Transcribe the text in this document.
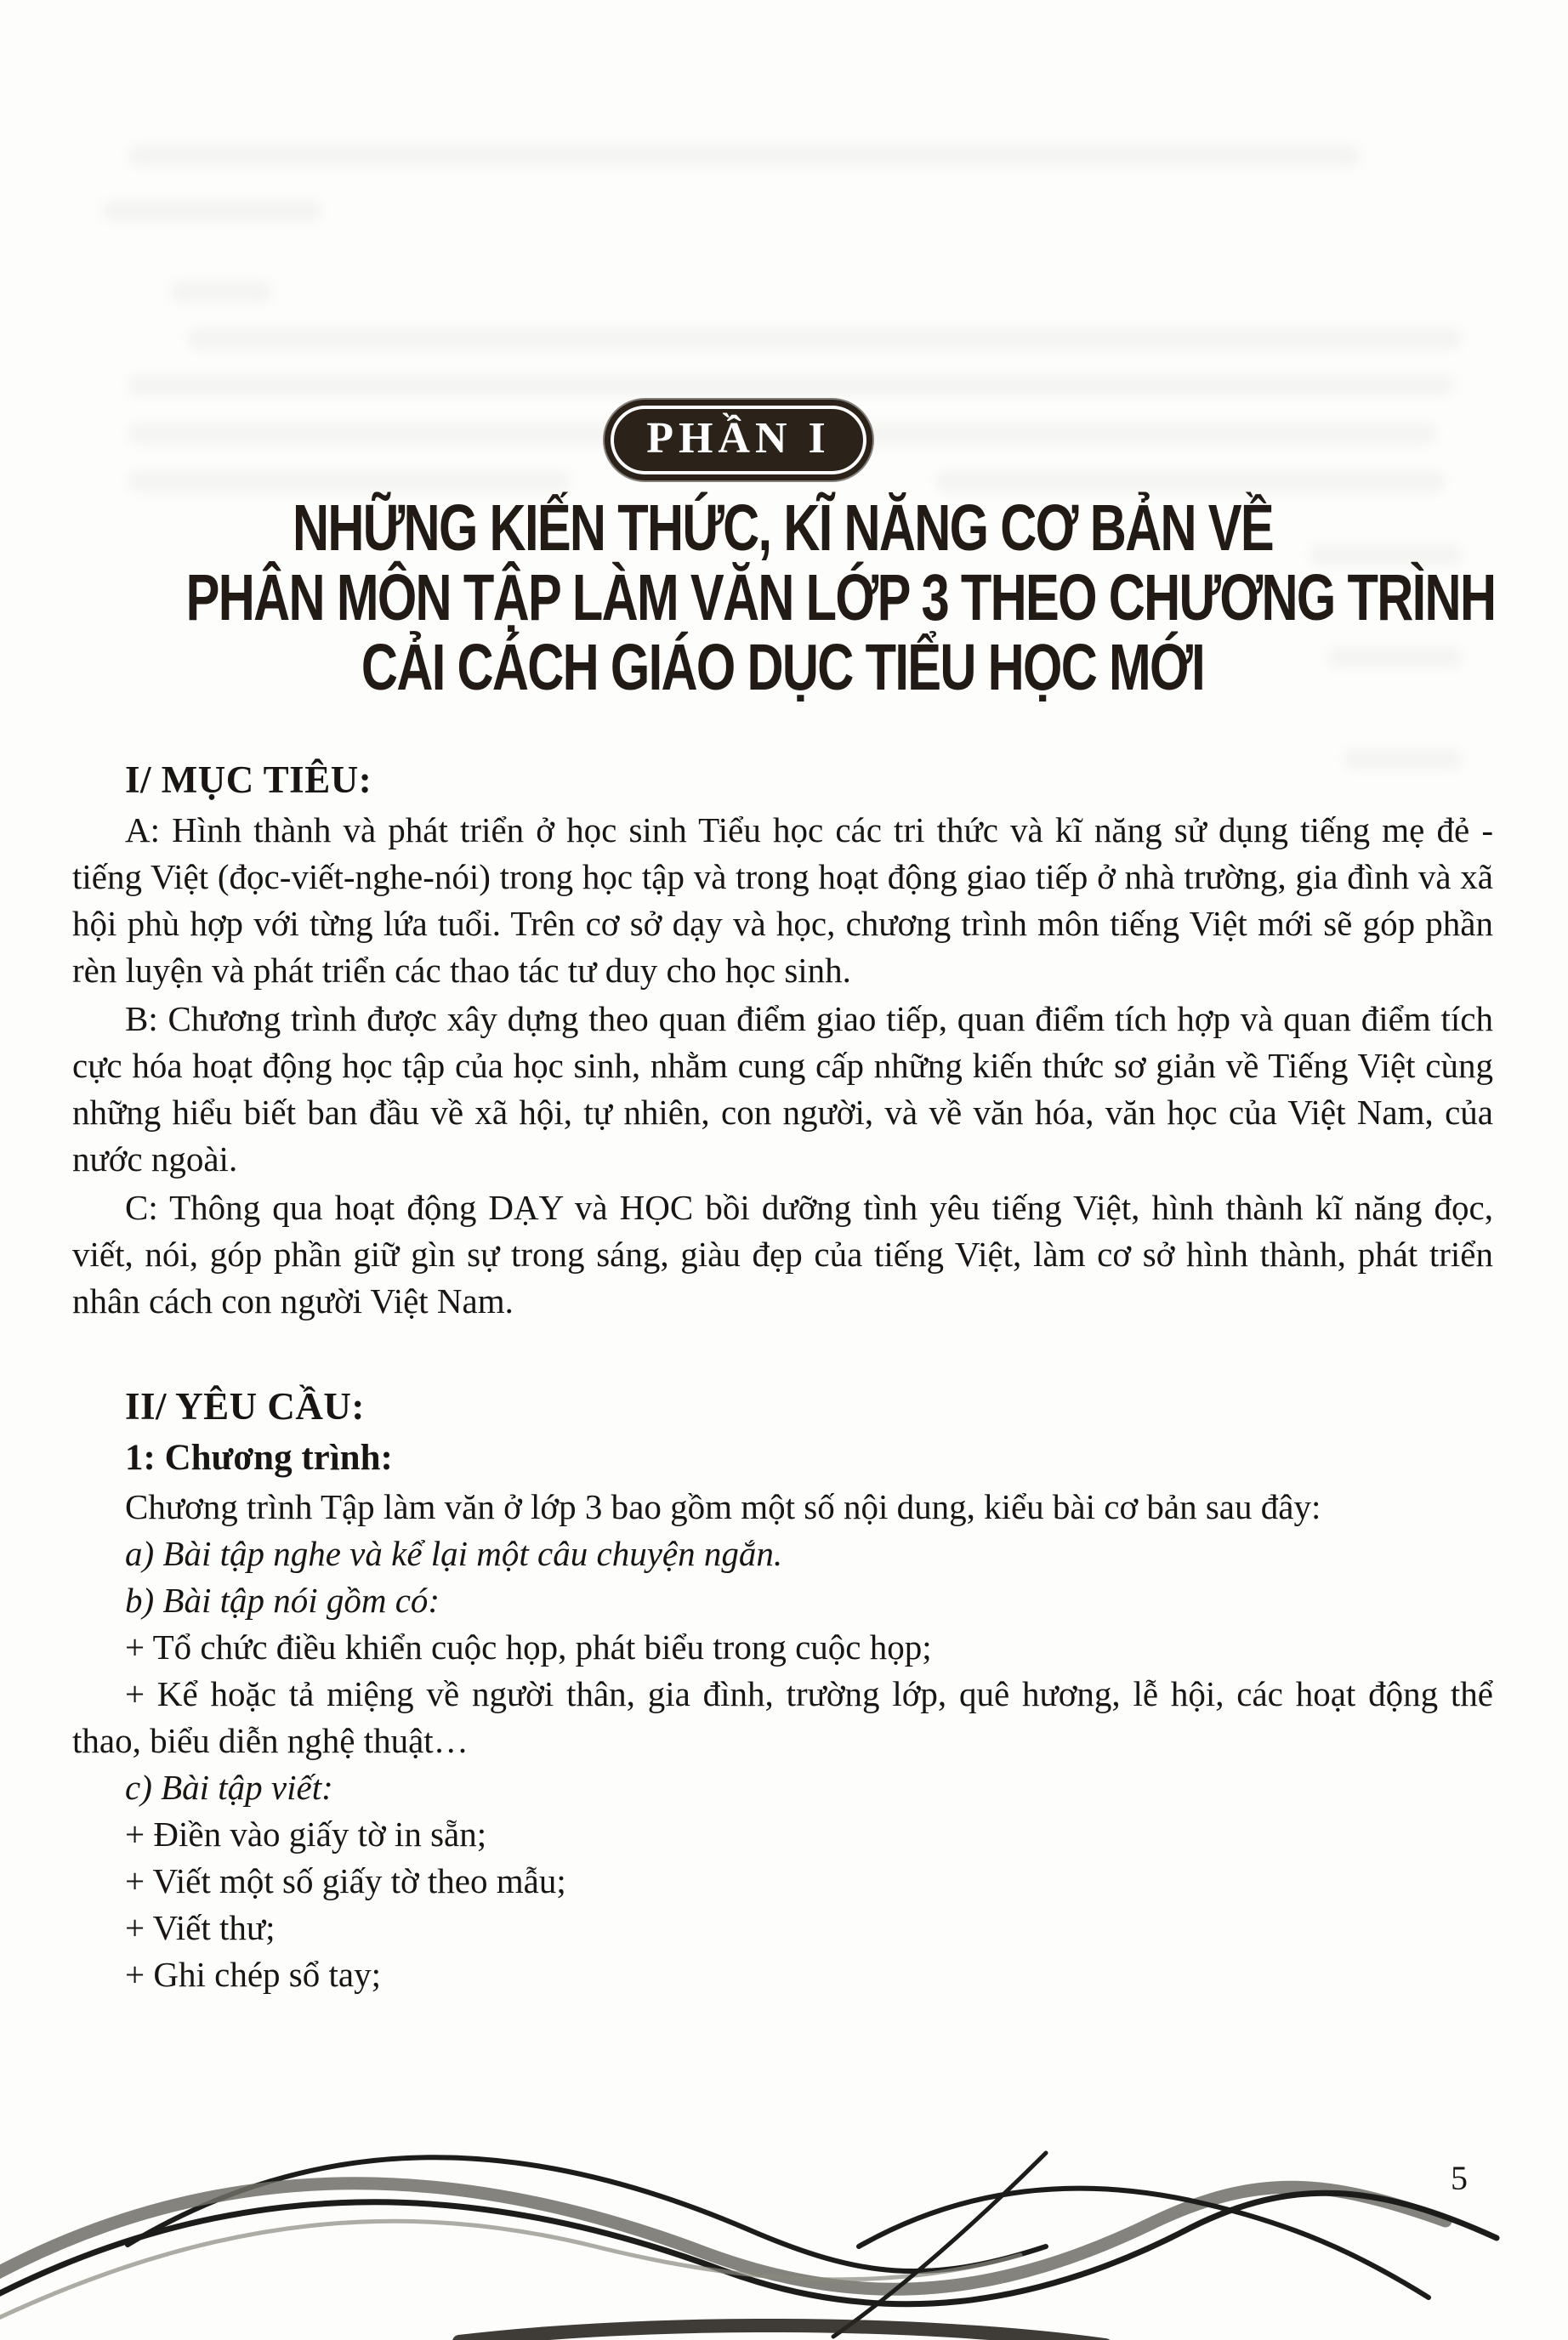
PHẦN I
NHỮNG KIẾN THỨC, KĨ NĂNG CƠ BẢN VỀ
PHÂN MÔN TẬP LÀM VĂN LỚP 3 THEO CHƯƠNG TRÌNH
CẢI CÁCH GIÁO DỤC TIỂU HỌC MỚI
I/ MỤC TIÊU:

A: Hình thành và phát triển ở học sinh Tiểu học các tri thức và kĩ năng sử dụng tiếng mẹ đẻ - tiếng Việt (đọc-viết-nghe-nói) trong học tập và trong hoạt động giao tiếp ở nhà trường, gia đình và xã hội phù hợp với từng lứa tuổi. Trên cơ sở dạy và học, chương trình môn tiếng Việt mới sẽ góp phần rèn luyện và phát triển các thao tác tư duy cho học sinh.

B: Chương trình được xây dựng theo quan điểm giao tiếp, quan điểm tích hợp và quan điểm tích cực hóa hoạt động học tập của học sinh, nhằm cung cấp những kiến thức sơ giản về Tiếng Việt cùng những hiểu biết ban đầu về xã hội, tự nhiên, con người, và về văn hóa, văn học của Việt Nam, của nước ngoài.

C: Thông qua hoạt động DẠY và HỌC bồi dưỡng tình yêu tiếng Việt, hình thành kĩ năng đọc, viết, nói, góp phần giữ gìn sự trong sáng, giàu đẹp của tiếng Việt, làm cơ sở hình thành, phát triển nhân cách con người Việt Nam.

II/ YÊU CẦU:
1: Chương trình:

Chương trình Tập làm văn ở lớp 3 bao gồm một số nội dung, kiểu bài cơ bản sau đây:

a) Bài tập nghe và kể lại một câu chuyện ngắn.

b) Bài tập nói gồm có:

+ Tổ chức điều khiển cuộc họp, phát biểu trong cuộc họp;

+ Kể hoặc tả miệng về người thân, gia đình, trường lớp, quê hương, lễ hội, các hoạt động thể thao, biểu diễn nghệ thuật…

c) Bài tập viết:

+ Điền vào giấy tờ in sẵn;

+ Viết một số giấy tờ theo mẫu;

+ Viết thư;

+ Ghi chép sổ tay;

5
